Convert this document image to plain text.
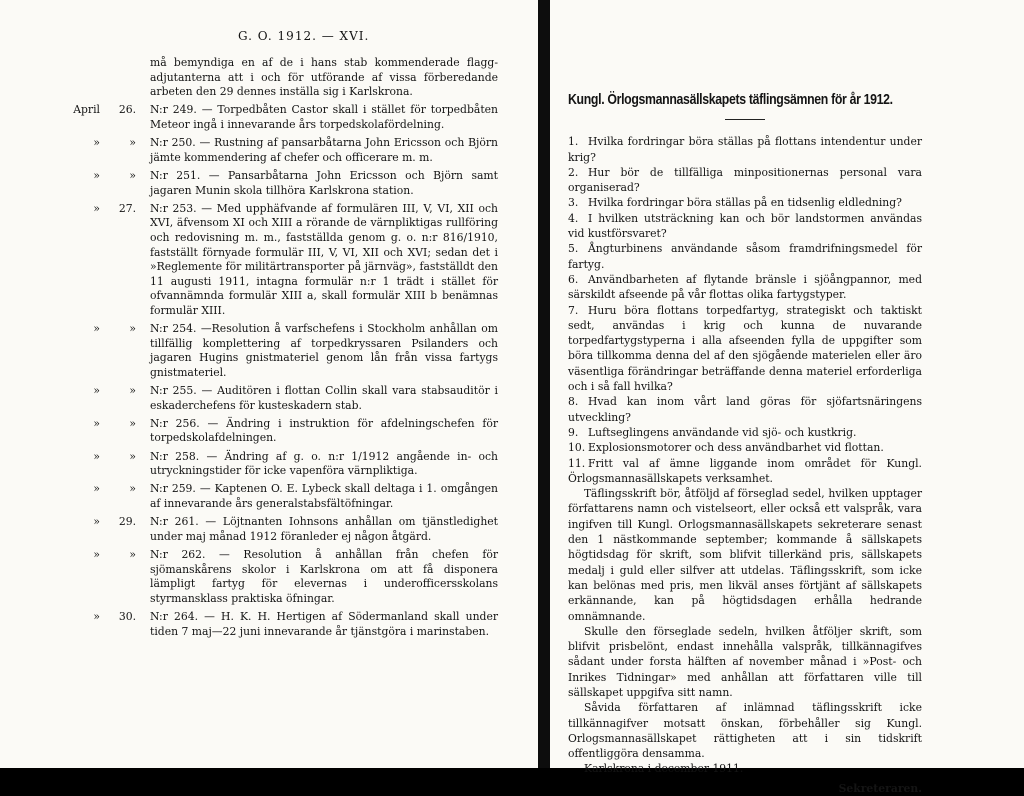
G. O. 1912. — XVI.
må bemyndiga en af de i hans stab kommenderade flagg-adjutanterna att i och för utförande af vissa förberedande arbeten den 29 dennes inställa sig i Karlskrona.
April	26.	N:r 249. — Torpedbåten Castor skall i stället för torpedbåten Meteor ingå i innevarande års torpedskolafördelning.
»	»	N:r 250. — Rustning af pansarbåtarna John Ericsson och Björn jämte kommendering af chefer och officerare m. m.
»	»	N:r 251. — Pansarbåtarna John Ericsson och Björn samt jagaren Munin skola tillhöra Karlskrona station.
»	27.	N:r 253. — Med upphäfvande af formulären III, V, VI, XII och XVI, äfvensom XI och XIII a rörande de värnpliktigas rullföring och redovisning m. m., fastställda genom g. o. n:r 816/1910, fastställt förnyade formulär III, V, VI, XII och XVI; sedan det i »Reglemente för militärtransporter på järnväg», fastställdt den 11 augusti 1911, intagna formulär n:r 1 trädt i stället för ofvannämnda formulär XIII a, skall formulär XIII b benämnas formulär XIII.
»	»	N:r 254. —Resolution å varfschefens i Stockholm anhållan om tillfällig komplettering af torpedkryssaren Psilanders och jagaren Hugins gnistmateriel genom lån från vissa fartygs gnistmateriel.
»	»	N:r 255. — Auditören i flottan Collin skall vara stabsauditör i eskaderchefens för kusteskadern stab.
»	»	N:r 256. — Ändring i instruktion för afdelningschefen för torpedskolafdelningen.
»	»	N:r 258. — Ändring af g. o. n:r 1/1912 angående in- och utryckningstider för icke vapenföra värnpliktiga.
»	»	N:r 259. — Kaptenen O. E. Lybeck skall deltaga i 1. omgången af innevarande års generalstabsfältöfningar.
»	29.	N:r 261. — Löjtnanten Iohnsons anhållan om tjänstledighet under maj månad 1912 föranleder ej någon åtgärd.
»	»	N:r 262. — Resolution å anhållan från chefen för sjömanskårens skolor i Karlskrona om att få disponera lämpligt fartyg för elevernas i underofficersskolans styrmansklass praktiska öfningar.
»	30.	N:r 264. — H. K. H. Hertigen af Södermanland skall under tiden 7 maj—22 juni innevarande år tjänstgöra i marinstaben.
Kungl. Örlogsmannasällskapets täflingsämnen för år 1912.

1. Hvilka fordringar böra ställas på flottans intendentur under krig?

2. Hur bör de tillfälliga minpositionernas personal vara organiserad?

3. Hvilka fordringar böra ställas på en tidsenlig eldledning?

4. I hvilken utsträckning kan och bör landstormen användas vid kustförsvaret?

5. Ångturbinens användande såsom framdrifningsmedel för fartyg.

6. Användbarheten af flytande bränsle i sjöångpannor, med särskildt afseende på vår flottas olika fartygstyper.

7. Huru böra flottans torpedfartyg, strategiskt och taktiskt sedt, användas i krig och kunna de nuvarande torpedfartygstyperna i alla afseenden fylla de uppgifter som böra tillkomma denna del af den sjögående materielen eller äro väsentliga förändringar beträffande denna materiel erforderliga och i så fall hvilka?

8. Hvad kan inom vårt land göras för sjöfartsnäringens utveckling?

9. Luftseglingens användande vid sjö- och kustkrig.

10. Explosionsmotorer och dess användbarhet vid flottan.

11. Fritt val af ämne liggande inom området för Kungl. Örlogsmannasällskapets verksamhet.

Täflingsskrift bör, åtföljd af förseglad sedel, hvilken upptager författarens namn och vistelseort, eller också ett valspråk, vara ingifven till Kungl. Orlogsmannasällskapets sekreterare senast den 1 nästkommande september; kommande å sällskapets högtidsdag för skrift, som blifvit tillerkänd pris, sällskapets medalj i guld eller silfver att utdelas. Täflingsskrift, som icke kan belönas med pris, men likväl anses förtjänt af sällskapets erkännande, kan på högtidsdagen erhålla hedrande omnämnande.

Skulle den förseglade sedeln, hvilken åtföljer skrift, som blifvit prisbelönt, endast innehålla valspråk, tillkännagifves sådant under forsta hälften af november månad i »Post- och Inrikes Tidningar» med anhållan att författaren ville till sällskapet uppgifva sitt namn.

Såvida författaren af inlämnad täflingsskrift icke tillkännagifver motsatt önskan, förbehåller sig Kungl. Orlogsmannasällskapet rättigheten att i sin tidskrift offentliggöra densamma.

Karlskrona i december 1911.

Sekreteraren.
